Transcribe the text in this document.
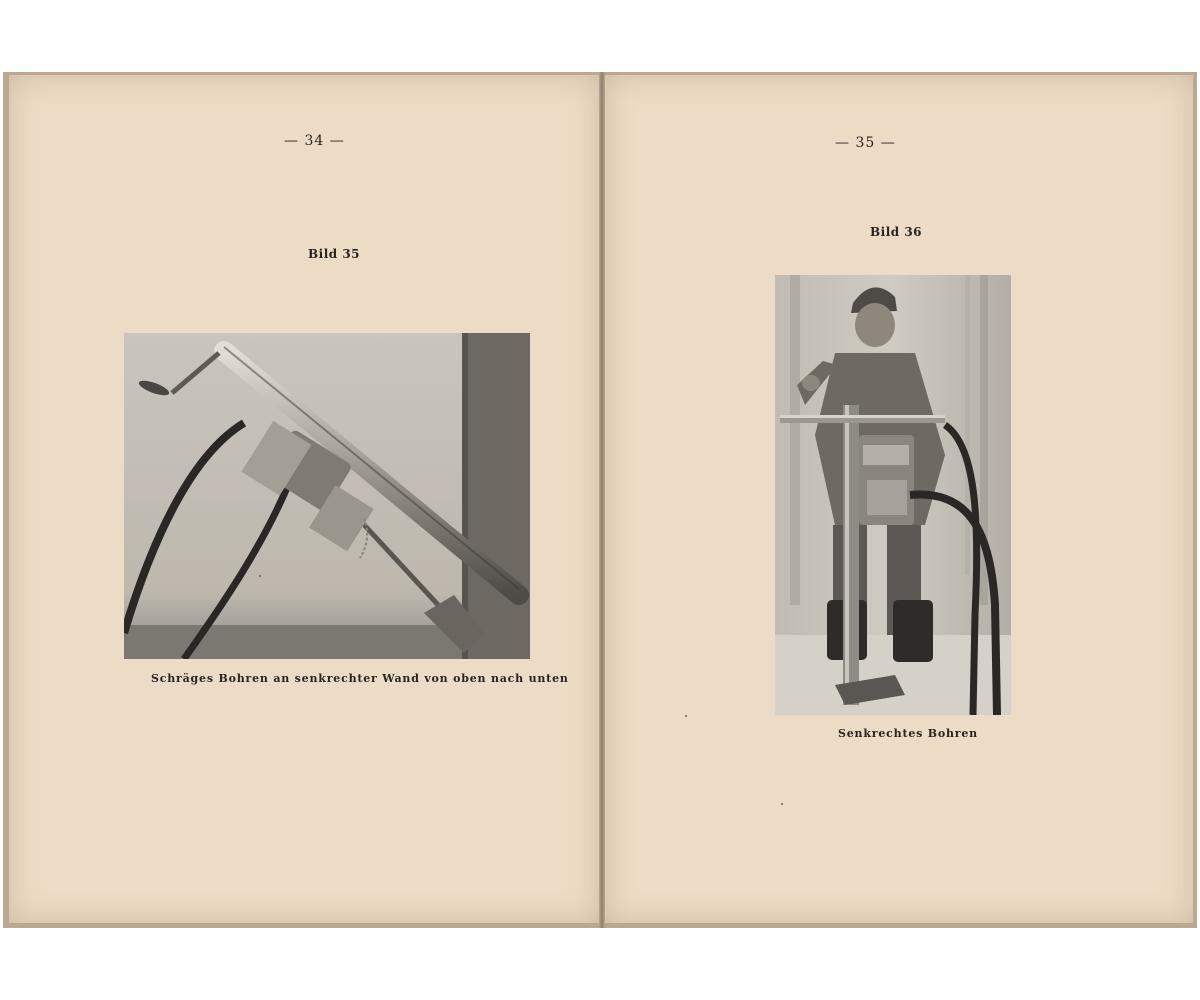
— 34 —
Bild 35
Schräges Bohren an senkrechter Wand von oben nach unten
— 35 —
Bild 36
Senkrechtes Bohren
